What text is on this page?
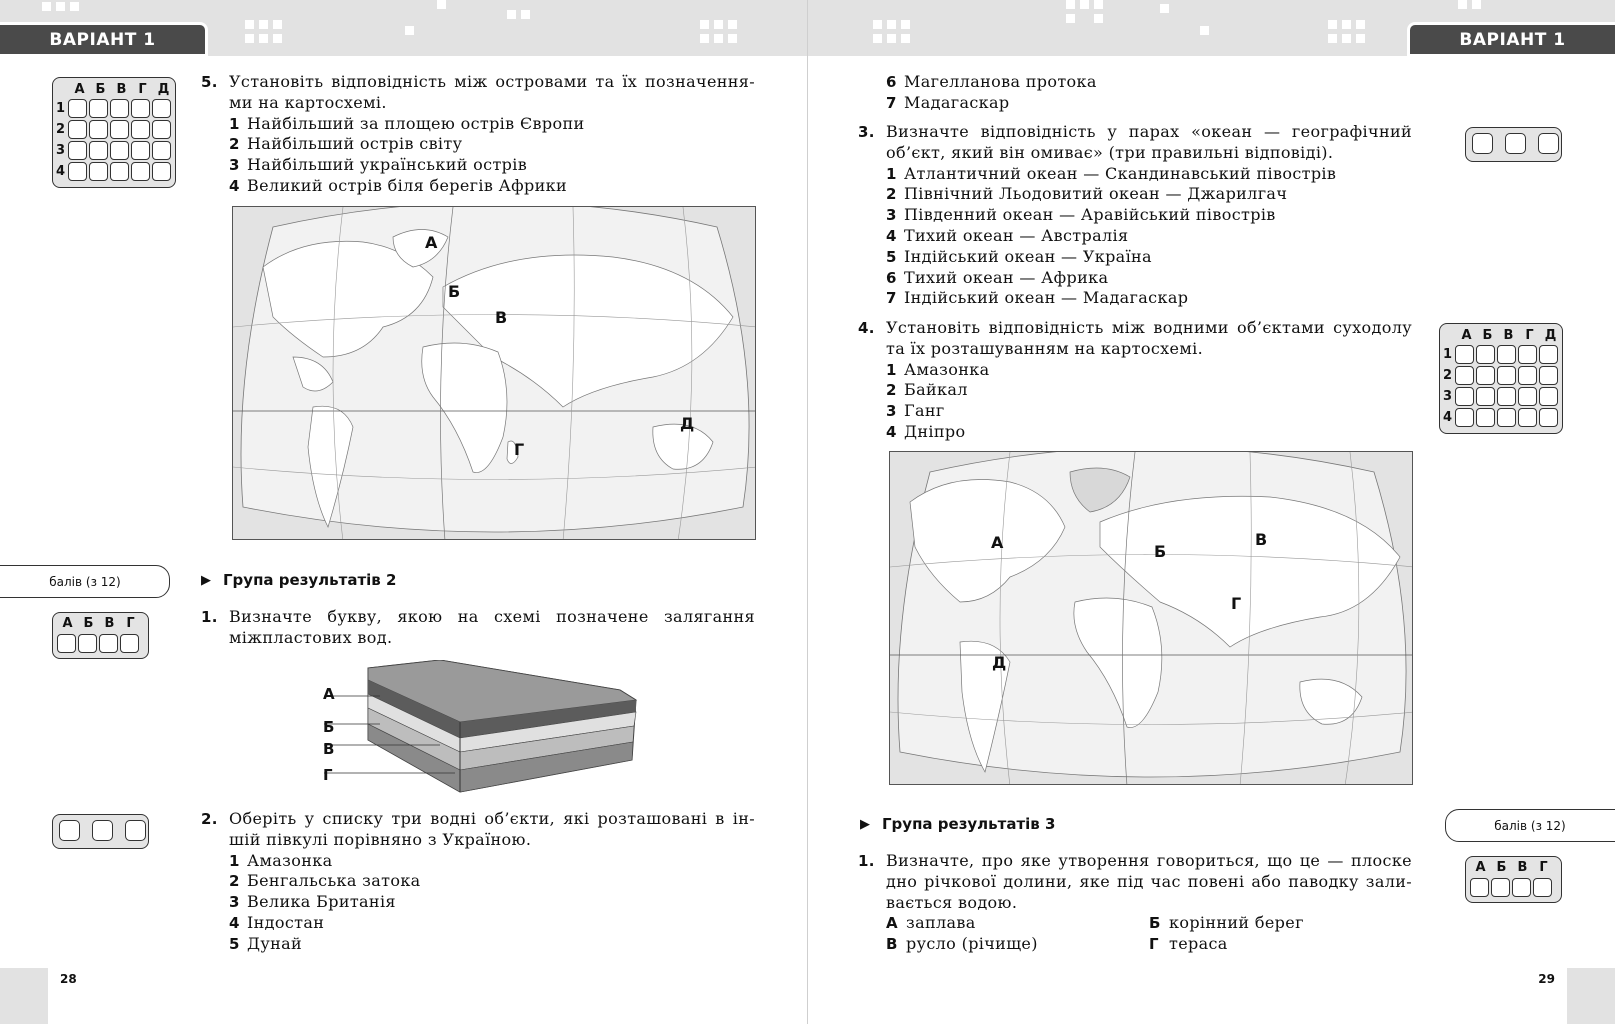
ВАРІАНТ 1
А Б В Г Д
1
2
3
4
5. Установіть відповідність між островами та їх позначення-ми на картосхемі.
1 Найбільший за площею острів Європи
2 Найбільший острів світу
3 Найбільший український острів
4 Великий острів біля берегів Африки
А
Б
В
Г
Д
балів (з 12)	▶ Група результатів 2
А Б В Г	1. Визначте букву, якою на схемі позначене залягання міжпластових вод.
А
Б
В
Г
2. Оберіть у списку три водні об’єкти, які розташовані в ін-шій півкулі порівняно з Україною.
1 Амазонка
2 Бенгальська затока
3 Велика Британія
4 Індостан
5 Дунай
28
ВАРІАНТ 1
6 Магелланова протока
7 Мадагаскар
3. Визначте відповідність у парах «океан — географічний об’єкт, який він омиває» (три правильні відповіді).
1 Атлантичний океан — Скандинавський півострів
2 Північний Льодовитий океан — Джарилгач
3 Південний океан — Аравійський півострів
4 Тихий океан — Австралія
5 Індійський океан — Україна
6 Тихий океан — Африка
7 Індійський океан — Мадагаскар
4. Установіть відповідність між водними об’єктами суходолу та їх розташуванням на картосхемі.
1 Амазонка
2 Байкал
3 Ганг
4 Дніпро
А Б В Г Д
1
2
3
4
А	Б
В
Г
Д
▶ Група результатів 3	балів (з 12)
1. Визначте, про яке утворення говориться, що це — плоске дно річкової долини, яке під час повені або паводку зали-вається водою.
А заплава	Б корінний берег
В русло (річище)	Г тераса
А Б В Г
29
